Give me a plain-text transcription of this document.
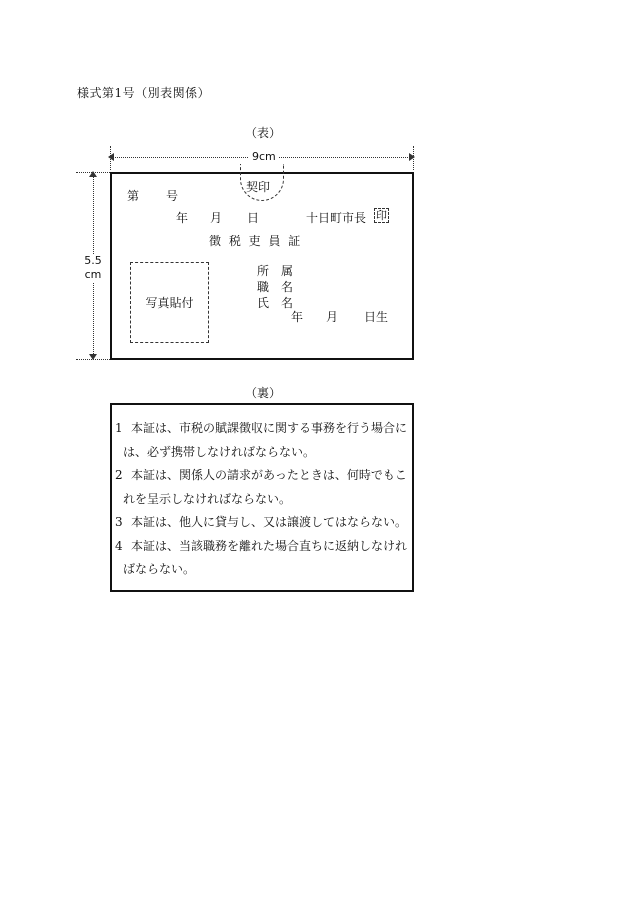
様式第1号（別表関係）
（表）
9cm
5.5
cm
契印
第 号
年 月 日	十日町市長 印
徴 税 吏 員 証
写真貼付
所　属
職　名
氏　名
年 月 日生
（裏）
1 本証は、市税の賦課徴収に関する事務を行う場合に
は、必ず携帯しなければならない。
2 本証は、関係人の請求があったときは、何時でもこ
れを呈示しなければならない。
3 本証は、他人に貸与し、又は譲渡してはならない。
4 本証は、当該職務を離れた場合直ちに返納しなけれ
ばならない。
